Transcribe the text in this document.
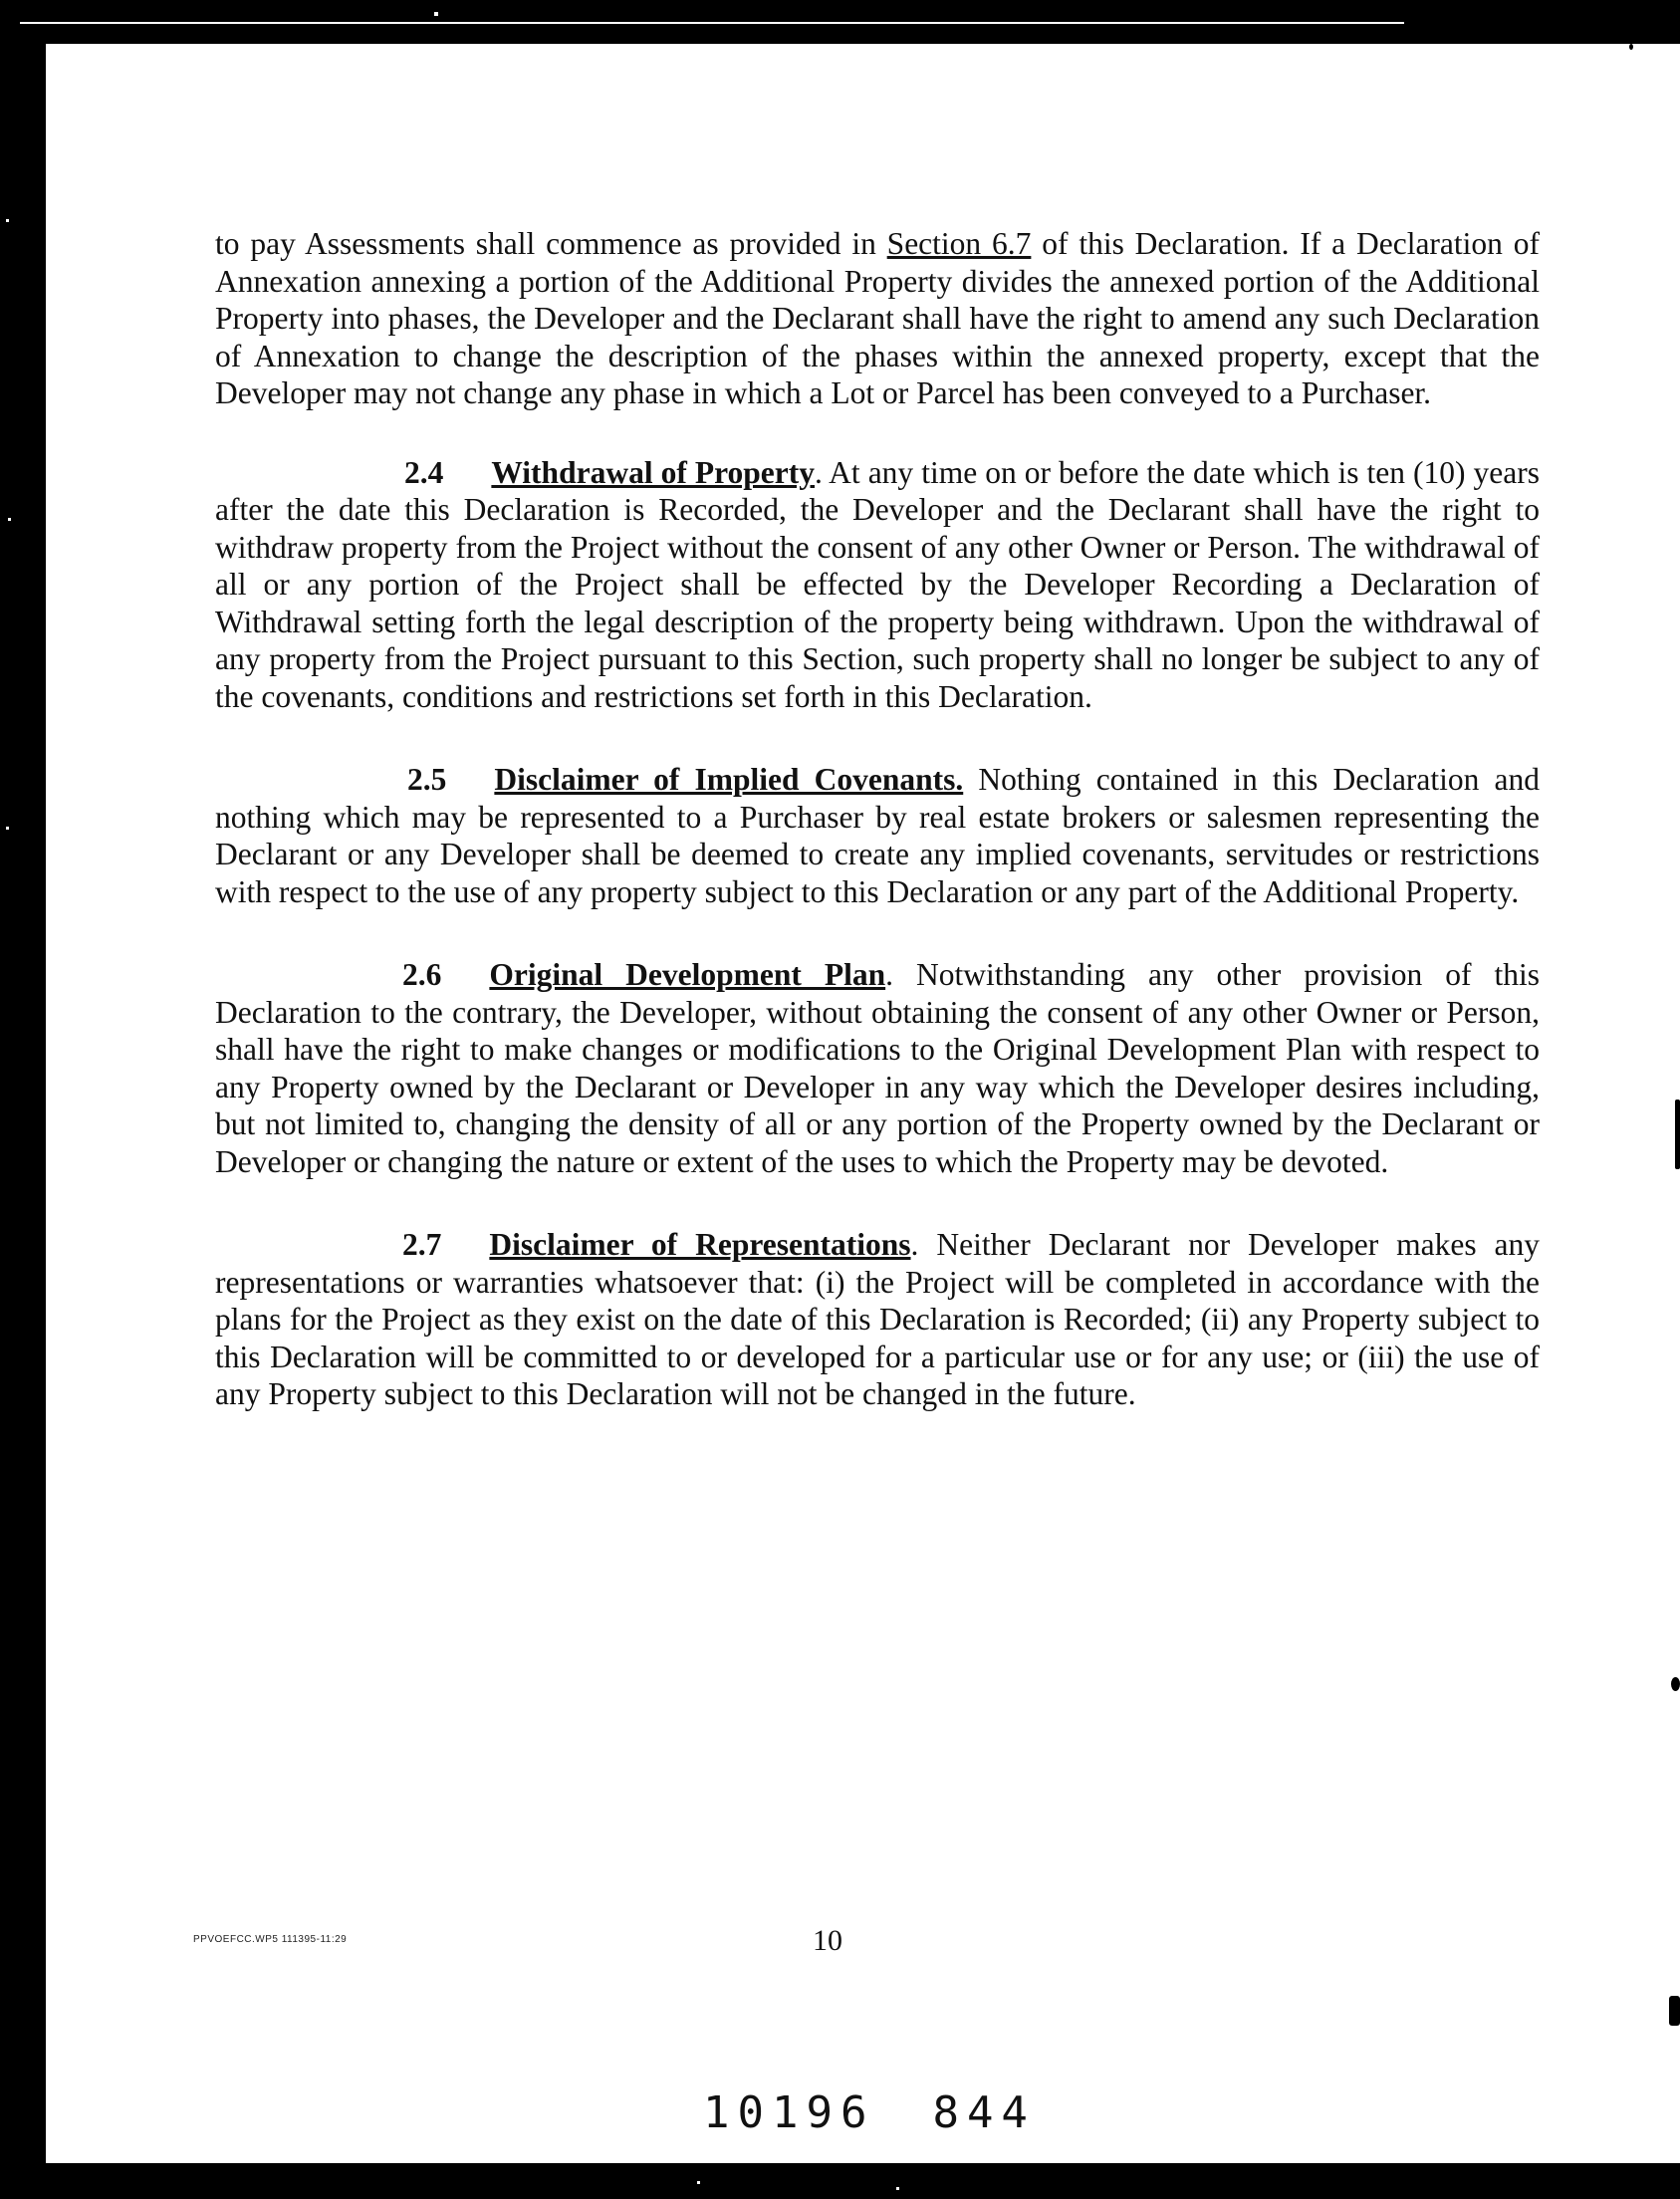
to pay Assessments shall commence as provided in Section 6.7 of this Declaration. If a Declaration of Annexation annexing a portion of the Additional Property divides the annexed portion of the Additional Property into phases, the Developer and the Declarant shall have the right to amend any such Declaration of Annexation to change the description of the phases within the annexed property, except that the Developer may not change any phase in which a Lot or Parcel has been conveyed to a Purchaser.

2.4 Withdrawal of Property. At any time on or before the date which is ten (10) years after the date this Declaration is Recorded, the Developer and the Declarant shall have the right to withdraw property from the Project without the consent of any other Owner or Person. The withdrawal of all or any portion of the Project shall be effected by the Developer Recording a Declaration of Withdrawal setting forth the legal description of the property being withdrawn. Upon the withdrawal of any property from the Project pursuant to this Section, such property shall no longer be subject to any of the covenants, conditions and restrictions set forth in this Declaration.

2.5 Disclaimer of Implied Covenants. Nothing contained in this Declaration and nothing which may be represented to a Purchaser by real estate brokers or salesmen representing the Declarant or any Developer shall be deemed to create any implied covenants, servitudes or restrictions with respect to the use of any property subject to this Declaration or any part of the Additional Property.

2.6 Original Development Plan. Notwithstanding any other provision of this Declaration to the contrary, the Developer, without obtaining the consent of any other Owner or Person, shall have the right to make changes or modifications to the Original Development Plan with respect to any Property owned by the Declarant or Developer in any way which the Developer desires including, but not limited to, changing the density of all or any portion of the Property owned by the Declarant or Developer or changing the nature or extent of the uses to which the Property may be devoted.

2.7 Disclaimer of Representations. Neither Declarant nor Developer makes any representations or warranties whatsoever that: (i) the Project will be completed in accordance with the plans for the Project as they exist on the date of this Declaration is Recorded; (ii) any Property subject to this Declaration will be committed to or developed for a particular use or for any use; or (iii) the use of any Property subject to this Declaration will not be changed in the future.

PPVOEFCC.WP5 111395-11:29	10
10196 844
